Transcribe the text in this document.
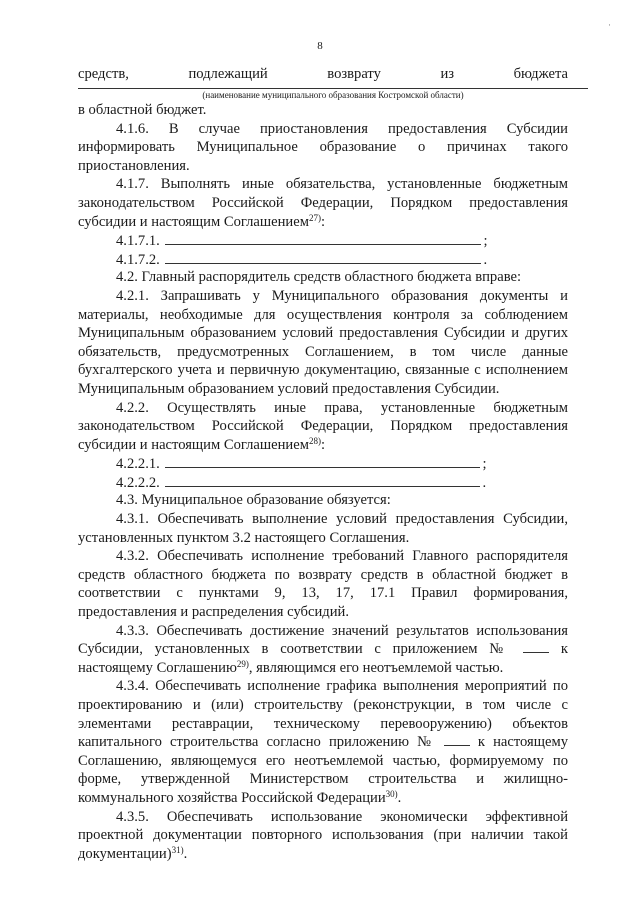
·
8
средств,	подлежащий	возврату	из	бюджета
(наименование муниципального образования Костромской области)

в областной бюджет.

4.1.6. В случае приостановления предоставления Субсидии информировать Муниципальное образование о причинах такого приостановления.

4.1.7. Выполнять иные обязательства, установленные бюджетным законодательством Российской Федерации, Порядком предоставления субсидии и настоящим Соглашением$^{27)}$:

4.1.7.1.	;
4.1.7.2.	.

4.2. Главный распорядитель средств областного бюджета вправе:

4.2.1. Запрашивать у Муниципального образования документы и материалы, необходимые для осуществления контроля за соблюдением Муниципальным образованием условий предоставления Субсидии и других обязательств, предусмотренных Соглашением, в том числе данные бухгалтерского учета и первичную документацию, связанные с исполнением Муниципальным образованием условий предоставления Субсидии.

4.2.2. Осуществлять иные права, установленные бюджетным законодательством Российской Федерации, Порядком предоставления субсидии и настоящим Соглашением$^{28)}$:

4.2.2.1.	;
4.2.2.2.	.

4.3. Муниципальное образование обязуется:

4.3.1. Обеспечивать выполнение условий предоставления Субсидии, установленных пунктом 3.2 настоящего Соглашения.

4.3.2. Обеспечивать исполнение требований Главного распорядителя средств областного бюджета по возврату средств в областной бюджет в соответствии с пунктами 9, 13, 17, 17.1 Правил формирования, предоставления и распределения субсидий.

4.3.3. Обеспечивать достижение значений результатов использования Субсидии, установленных в соответствии с приложением №  к настоящему Соглашению$^{29)}$, являющимся его неотъемлемой частью.

4.3.4. Обеспечивать исполнение графика выполнения мероприятий по проектированию и (или) строительству (реконструкции, в том числе с элементами реставрации, техническому перевооружению) объектов капитального строительства согласно приложению №  к настоящему Соглашению, являющемуся его неотъемлемой частью, формируемому по форме, утвержденной Министерством строительства и жилищно-коммунального хозяйства Российской Федерации$^{30)}$.

4.3.5. Обеспечивать использование экономически эффективной проектной документации повторного использования (при наличии такой документации)$^{31)}$.
